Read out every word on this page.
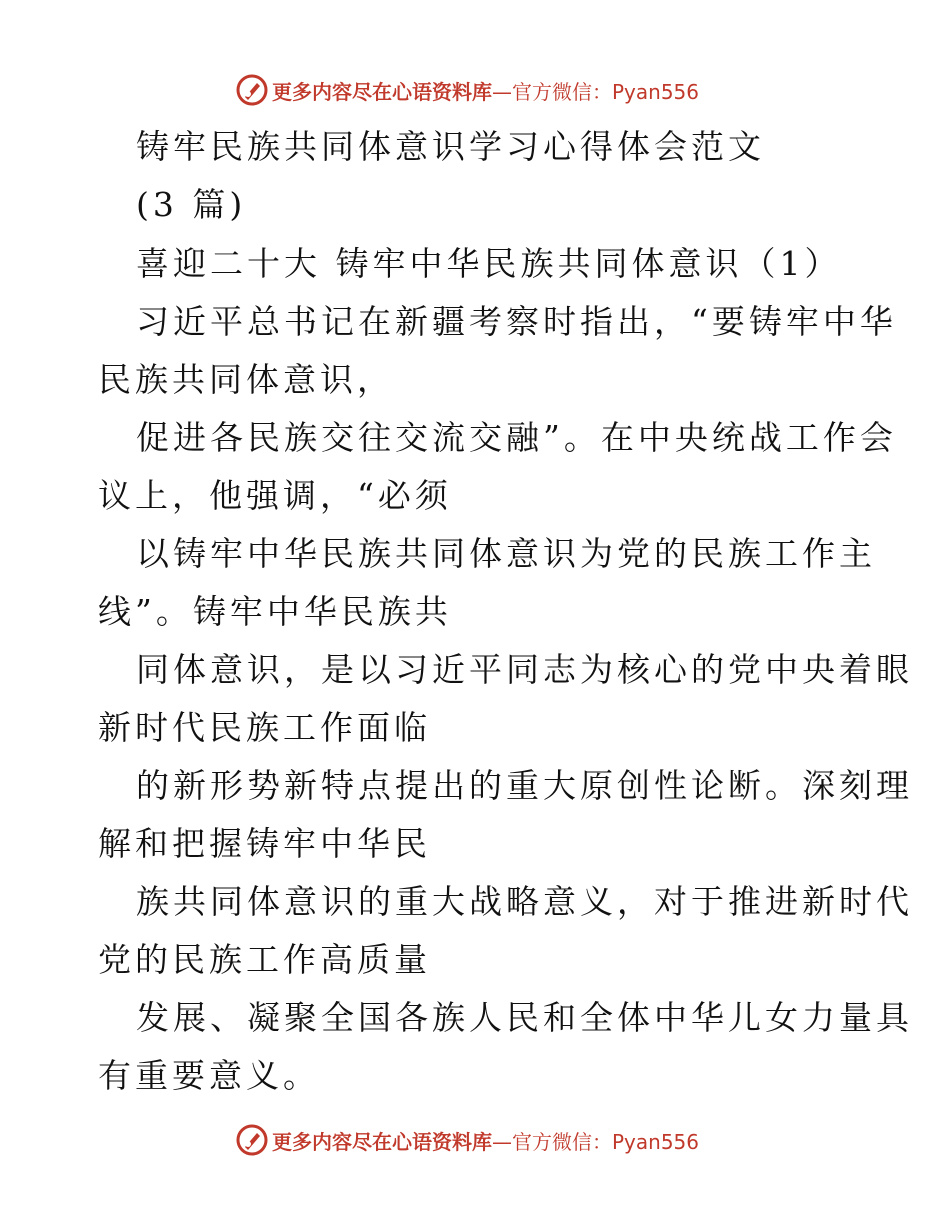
更多内容尽在心语资料库—官方微信：Pyan556
铸牢民族共同体意识学习心得体会范文
(3 篇)
喜迎二十大 铸牢中华民族共同体意识（1）
习近平总书记在新疆考察时指出，“要铸牢中华
民族共同体意识，
促进各民族交往交流交融”。在中央统战工作会
议上，他强调，“必须
以铸牢中华民族共同体意识为党的民族工作主
线”。铸牢中华民族共
同体意识，是以习近平同志为核心的党中央着眼
新时代民族工作面临
的新形势新特点提出的重大原创性论断。深刻理
解和把握铸牢中华民
族共同体意识的重大战略意义，对于推进新时代
党的民族工作高质量
发展、凝聚全国各族人民和全体中华儿女力量具
有重要意义。
更多内容尽在心语资料库—官方微信：Pyan556
